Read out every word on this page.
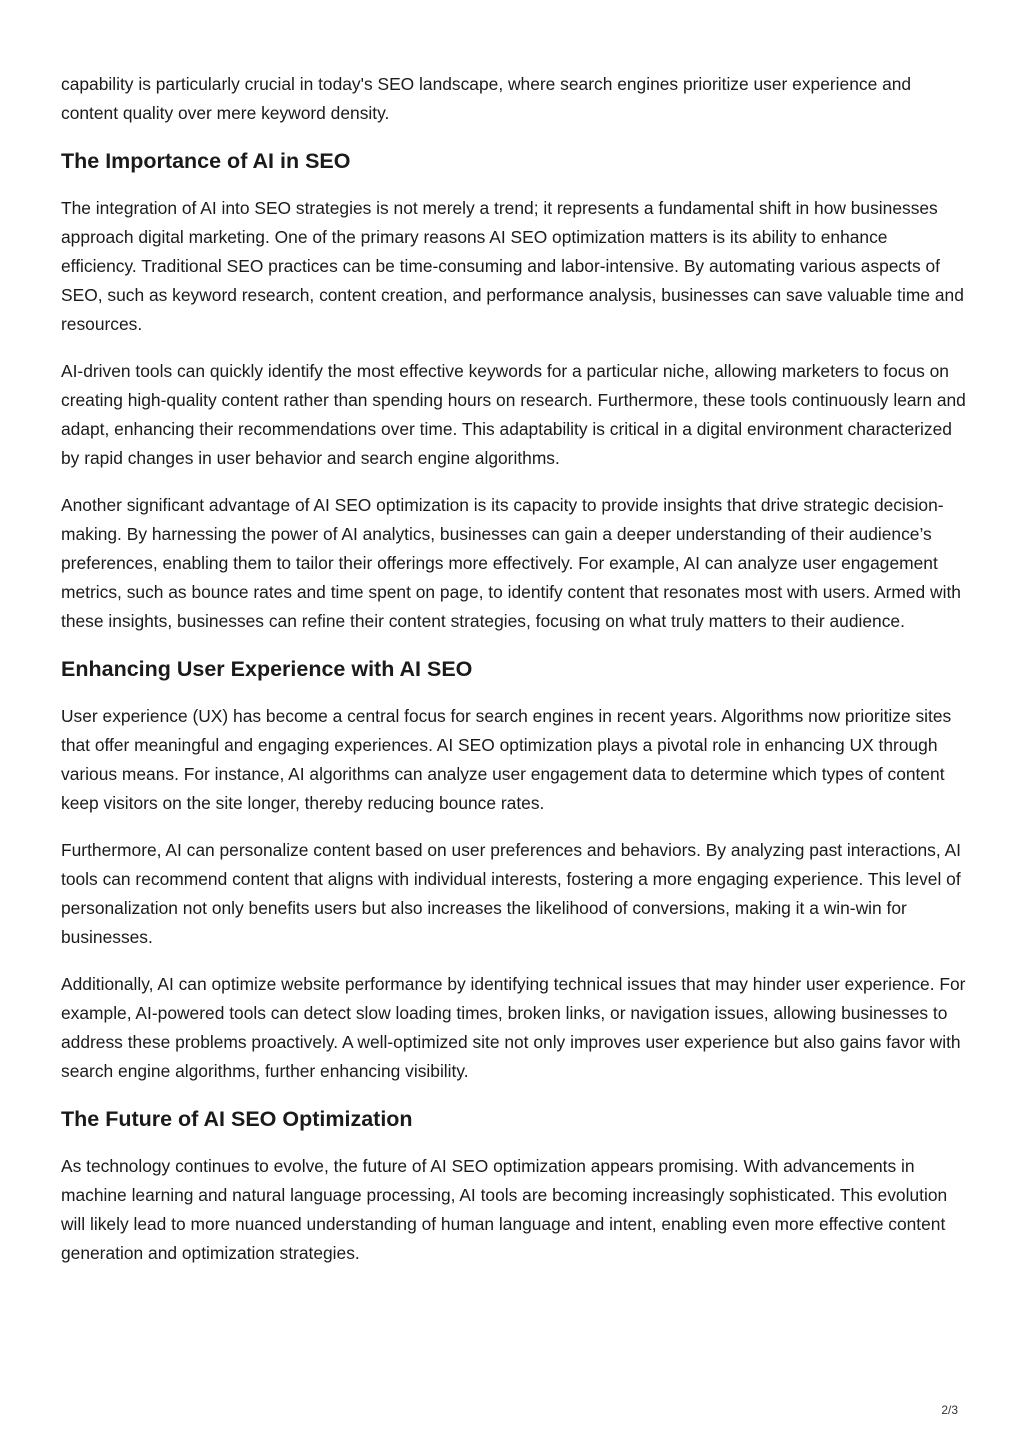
capability is particularly crucial in today's SEO landscape, where search engines prioritize user experience and content quality over mere keyword density.

The Importance of AI in SEO

The integration of AI into SEO strategies is not merely a trend; it represents a fundamental shift in how businesses approach digital marketing. One of the primary reasons AI SEO optimization matters is its ability to enhance efficiency. Traditional SEO practices can be time-consuming and labor-intensive. By automating various aspects of SEO, such as keyword research, content creation, and performance analysis, businesses can save valuable time and resources.

AI-driven tools can quickly identify the most effective keywords for a particular niche, allowing marketers to focus on creating high-quality content rather than spending hours on research. Furthermore, these tools continuously learn and adapt, enhancing their recommendations over time. This adaptability is critical in a digital environment characterized by rapid changes in user behavior and search engine algorithms.

Another significant advantage of AI SEO optimization is its capacity to provide insights that drive strategic decision-making. By harnessing the power of AI analytics, businesses can gain a deeper understanding of their audience’s preferences, enabling them to tailor their offerings more effectively. For example, AI can analyze user engagement metrics, such as bounce rates and time spent on page, to identify content that resonates most with users. Armed with these insights, businesses can refine their content strategies, focusing on what truly matters to their audience.

Enhancing User Experience with AI SEO

User experience (UX) has become a central focus for search engines in recent years. Algorithms now prioritize sites that offer meaningful and engaging experiences. AI SEO optimization plays a pivotal role in enhancing UX through various means. For instance, AI algorithms can analyze user engagement data to determine which types of content keep visitors on the site longer, thereby reducing bounce rates.

Furthermore, AI can personalize content based on user preferences and behaviors. By analyzing past interactions, AI tools can recommend content that aligns with individual interests, fostering a more engaging experience. This level of personalization not only benefits users but also increases the likelihood of conversions, making it a win-win for businesses.

Additionally, AI can optimize website performance by identifying technical issues that may hinder user experience. For example, AI-powered tools can detect slow loading times, broken links, or navigation issues, allowing businesses to address these problems proactively. A well-optimized site not only improves user experience but also gains favor with search engine algorithms, further enhancing visibility.

The Future of AI SEO Optimization

As technology continues to evolve, the future of AI SEO optimization appears promising. With advancements in machine learning and natural language processing, AI tools are becoming increasingly sophisticated. This evolution will likely lead to more nuanced understanding of human language and intent, enabling even more effective content generation and optimization strategies.

2/3
